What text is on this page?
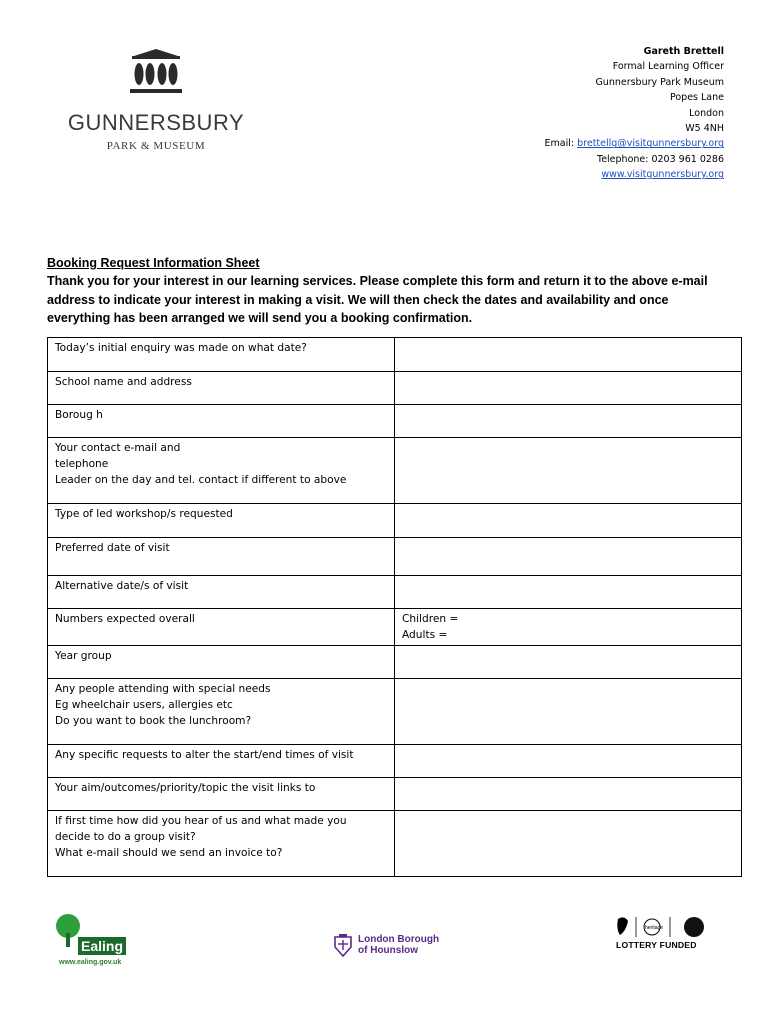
GUNNERSBURY
PARK & MUSEUM
Gareth Brettell
Formal Learning Officer
Gunnersbury Park Museum
Popes Lane
London
W5 4NH
Email: brettellg@visitgunnersbury.org
Telephone: 0203 961 0286
www.visitgunnersbury.org
Booking Request Information Sheet
Thank you for your interest in our learning services. Please complete this form and return it to the above e-mail address to indicate your interest in making a visit. We will then check the dates and availability and once everything has been arranged we will send you a booking confirmation.
Today’s initial enquiry was made on what date?	
School name and address	
Boroug h	
Your contact e-mail and
telephone
Leader on the day and tel. contact if different to above	
Type of led workshop/s requested	
Preferred date of visit	
Alternative date/s of visit	
Numbers expected overall	Children =
Adults =
Year group	
Any people attending with special needs
Eg wheelchair users, allergies etc
Do you want to book the lunchroom?	
Any specific requests to alter the start/end times of visit	
Your aim/outcomes/priority/topic the visit links to	
If first time how did you hear of us and what made you
decide to do a group visit?
What e-mail should we send an invoice to?	
Ealing
www.ealing.gov.uk
London Borough
of Hounslow
heritage
LOTTERY FUNDED
